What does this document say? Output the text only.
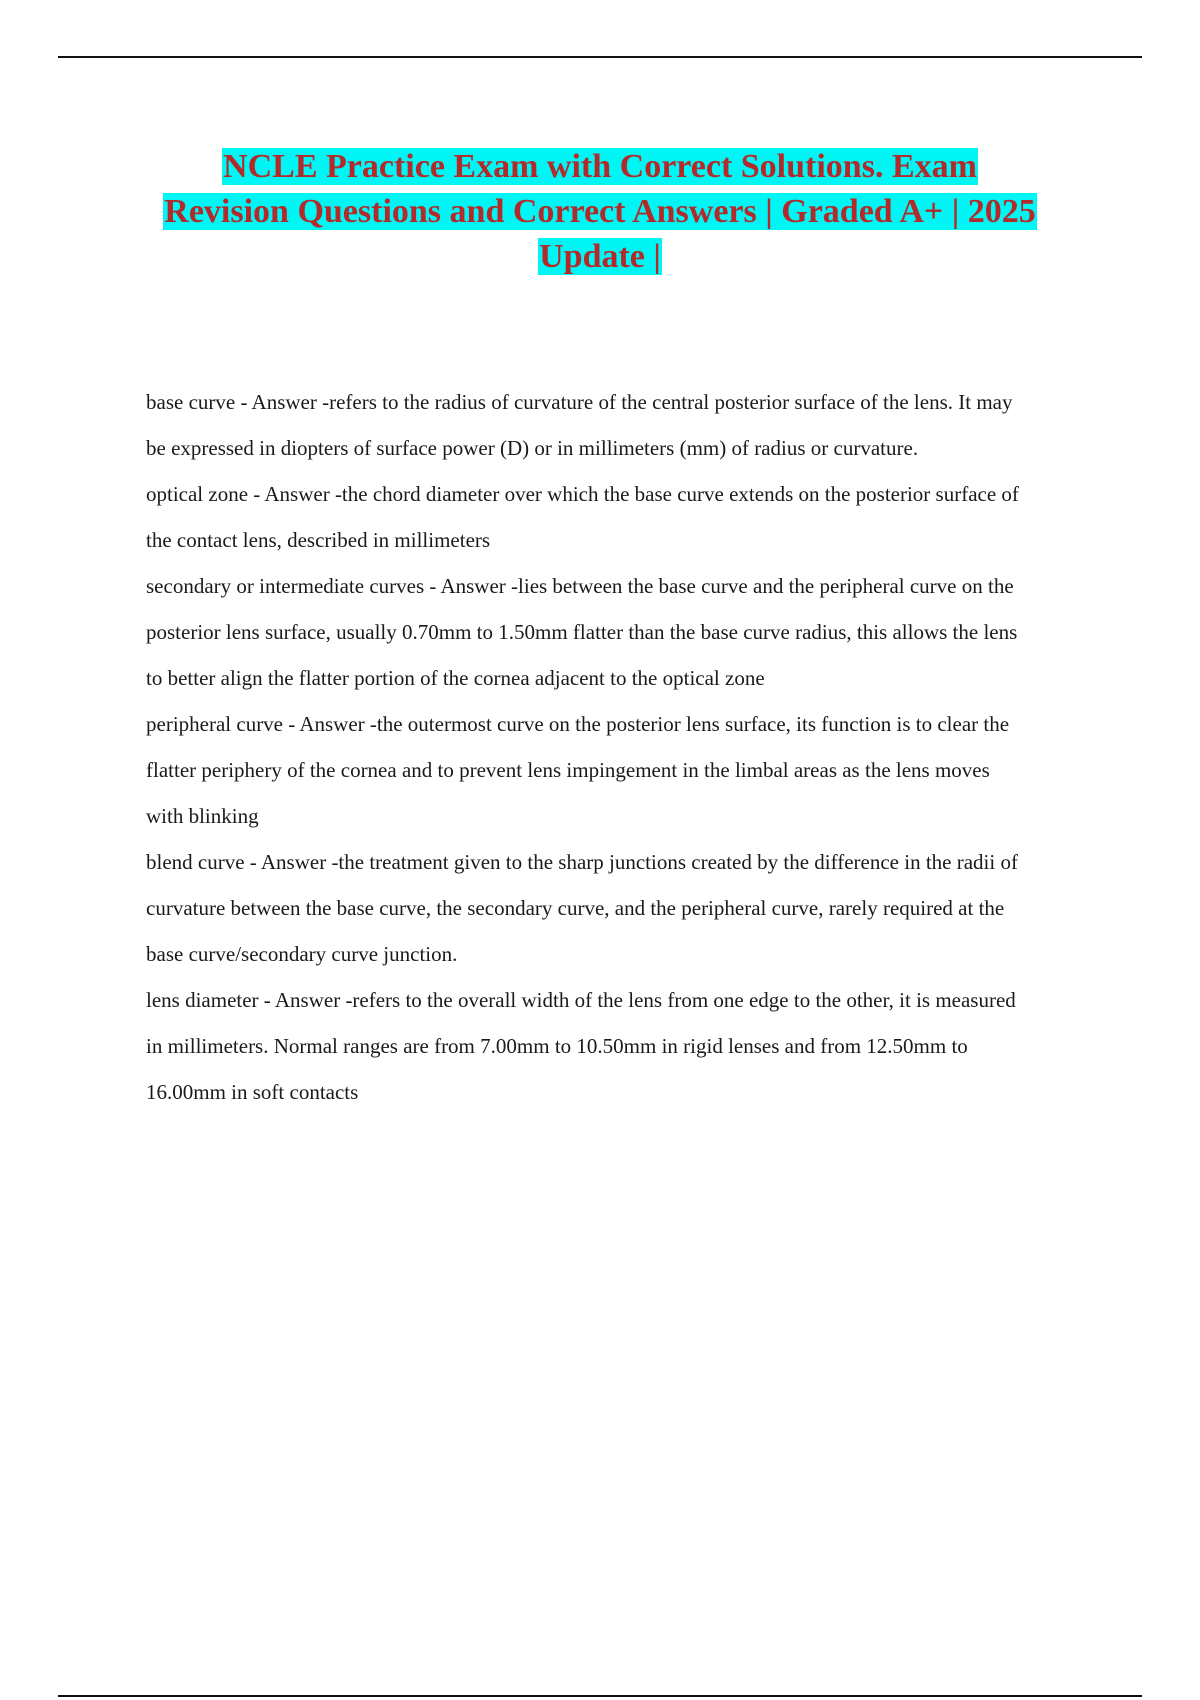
NCLE Practice Exam with Correct Solutions. Exam
Revision Questions and Correct Answers | Graded A+ | 2025
Update |

base curve - Answer -refers to the radius of curvature of the central posterior surface of the lens. It may

be expressed in diopters of surface power (D) or in millimeters (mm) of radius or curvature.

optical zone - Answer -the chord diameter over which the base curve extends on the posterior surface of

the contact lens, described in millimeters

secondary or intermediate curves - Answer -lies between the base curve and the peripheral curve on the

posterior lens surface, usually 0.70mm to 1.50mm flatter than the base curve radius, this allows the lens

to better align the flatter portion of the cornea adjacent to the optical zone

peripheral curve - Answer -the outermost curve on the posterior lens surface, its function is to clear the

flatter periphery of the cornea and to prevent lens impingement in the limbal areas as the lens moves

with blinking

blend curve - Answer -the treatment given to the sharp junctions created by the difference in the radii of

curvature between the base curve, the secondary curve, and the peripheral curve, rarely required at the

base curve/secondary curve junction.

lens diameter - Answer -refers to the overall width of the lens from one edge to the other, it is measured

in millimeters. Normal ranges are from 7.00mm to 10.50mm in rigid lenses and from 12.50mm to

16.00mm in soft contacts
